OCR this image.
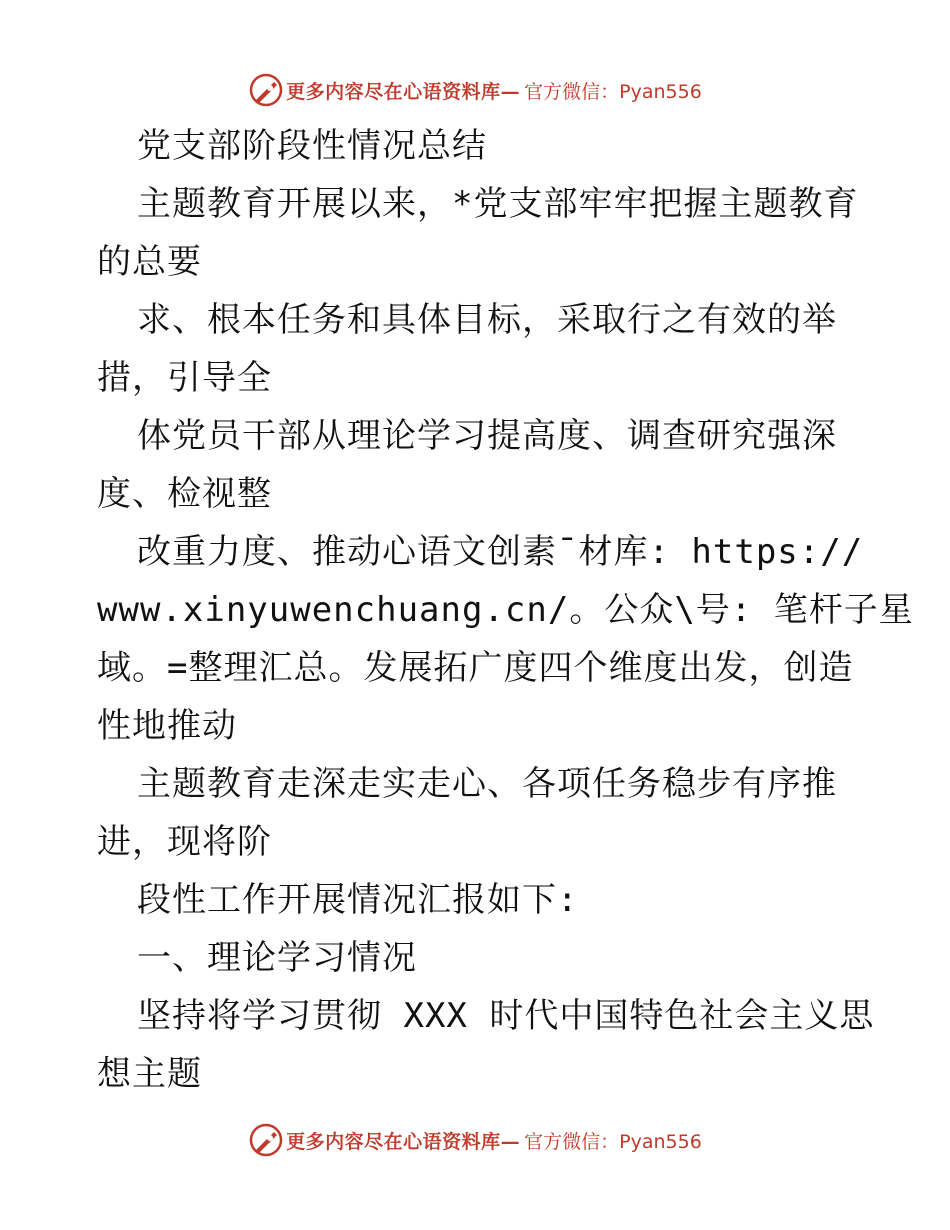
更多内容尽在心语资料库— 官方微信：Pyan556
党支部阶段性情况总结
主题教育开展以来，*党支部牢牢把握主题教育
的总要
求、根本任务和具体目标，采取行之有效的举
措，引导全
体党员干部从理论学习提高度、调查研究强深
度、检视整
改重力度、推动心语文创素¯材库: https://
www.xinyuwenchuang.cn/。公众\号: 笔杆子星
域。=整理汇总。发展拓广度四个维度出发，创造
性地推动
主题教育走深走实走心、各项任务稳步有序推
进，现将阶
段性工作开展情况汇报如下:
一、理论学习情况
坚持将学习贯彻 XXX 时代中国特色社会主义思
想主题
更多内容尽在心语资料库— 官方微信：Pyan556
